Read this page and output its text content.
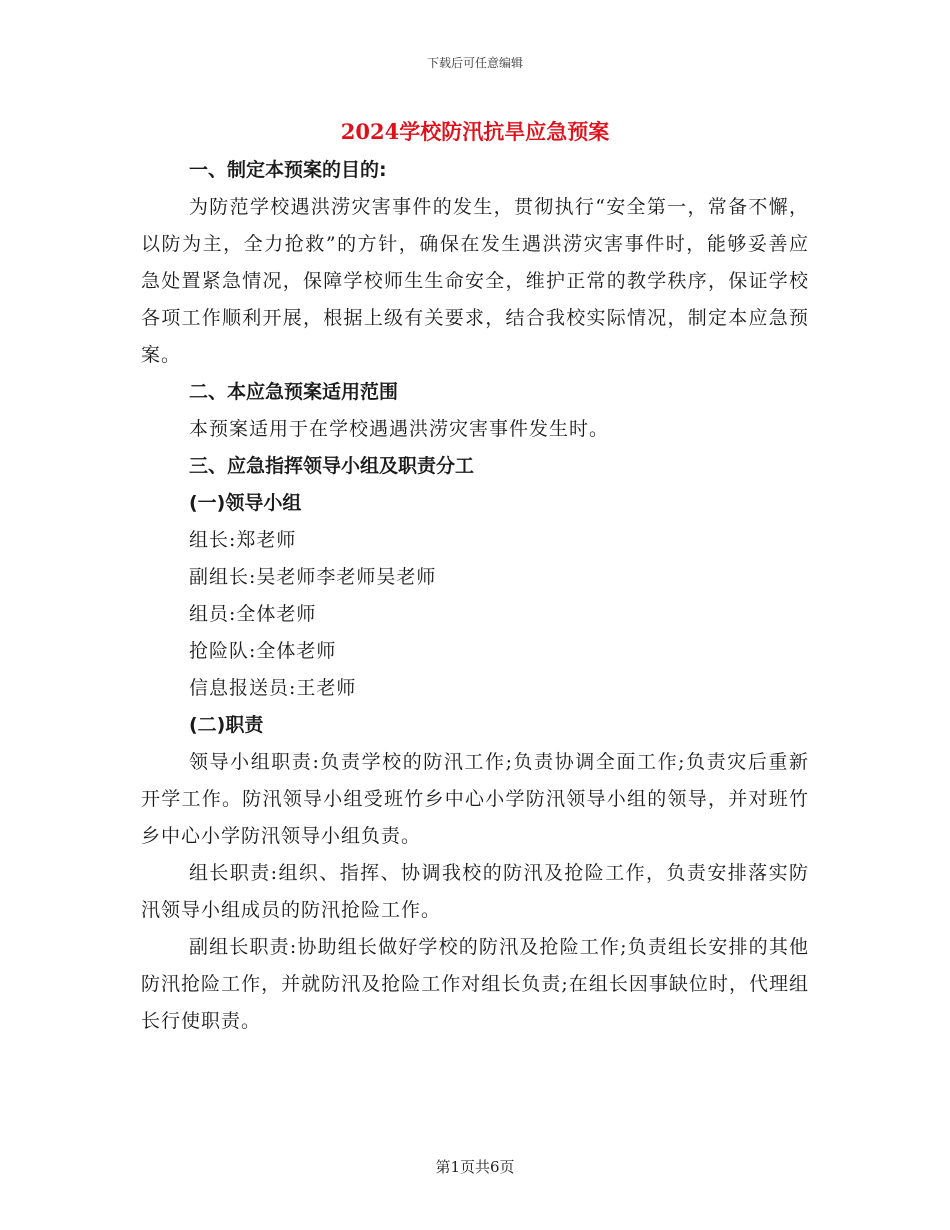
下载后可任意编辑
2024学校防汛抗旱应急预案

一、制定本预案的目的:

为防范学校遇洪涝灾害事件的发生，贯彻执行“安全第一，常备不懈，以防为主，全力抢救”的方针，确保在发生遇洪涝灾害事件时，能够妥善应急处置紧急情况，保障学校师生生命安全，维护正常的教学秩序，保证学校各项工作顺利开展，根据上级有关要求，结合我校实际情况，制定本应急预案。

二、本应急预案适用范围

本预案适用于在学校遇遇洪涝灾害事件发生时。

三、应急指挥领导小组及职责分工

(一)领导小组

组长:郑老师

副组长:吴老师李老师吴老师

组员:全体老师

抢险队:全体老师

信息报送员:王老师

(二)职责

领导小组职责:负责学校的防汛工作;负责协调全面工作;负责灾后重新开学工作。防汛领导小组受班竹乡中心小学防汛领导小组的领导，并对班竹乡中心小学防汛领导小组负责。

组长职责:组织、指挥、协调我校的防汛及抢险工作，负责安排落实防汛领导小组成员的防汛抢险工作。

副组长职责:协助组长做好学校的防汛及抢险工作;负责组长安排的其他防汛抢险工作，并就防汛及抢险工作对组长负责;在组长因事缺位时，代理组长行使职责。

第1页共6页
